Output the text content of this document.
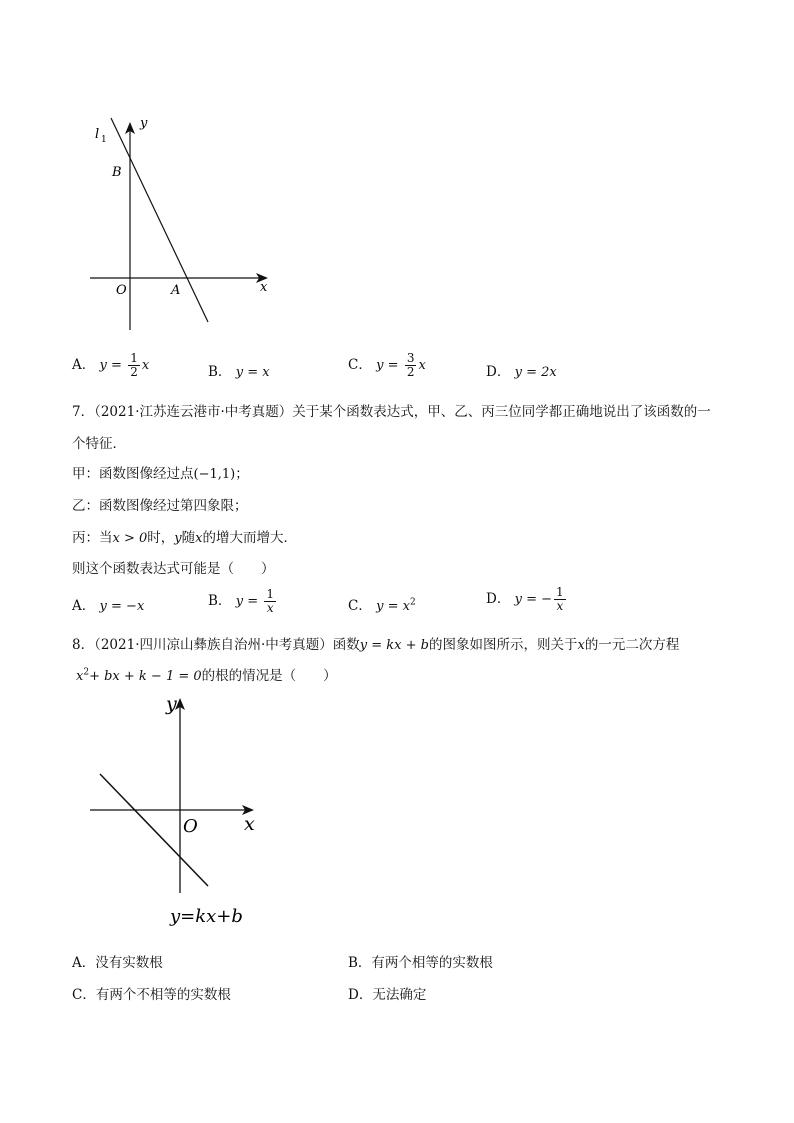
l 1
y
B
O	A	x
A． $y = \frac{1}{2}$ x	B． y = x	C． $y = \frac{3}{2}$ x	D． y = 2x
7．（2021·江苏连云港市·中考真题）关于某个函数表达式，甲、乙、丙三位同学都正确地说出了该函数的一
个特征．
甲：函数图像经过点(−1,1)；
乙：函数图像经过第四象限；
丙：当x > 0时，y随x的增大而增大．
则这个函数表达式可能是（　　）
A． y = −x	B． $y = \frac{1}{x}$	C． $y = x^2$	D． y = − $\frac{1}{x}$
8．（2021·四川凉山彝族自治州·中考真题）函数y = kx + b的图象如图所示，则关于x的一元二次方程
$x^2+$ bx + k − 1 = 0的根的情况是（　　）
y
O x
y=kx+b
A．没有实数根	B．有两个相等的实数根
C．有两个不相等的实数根	D．无法确定
